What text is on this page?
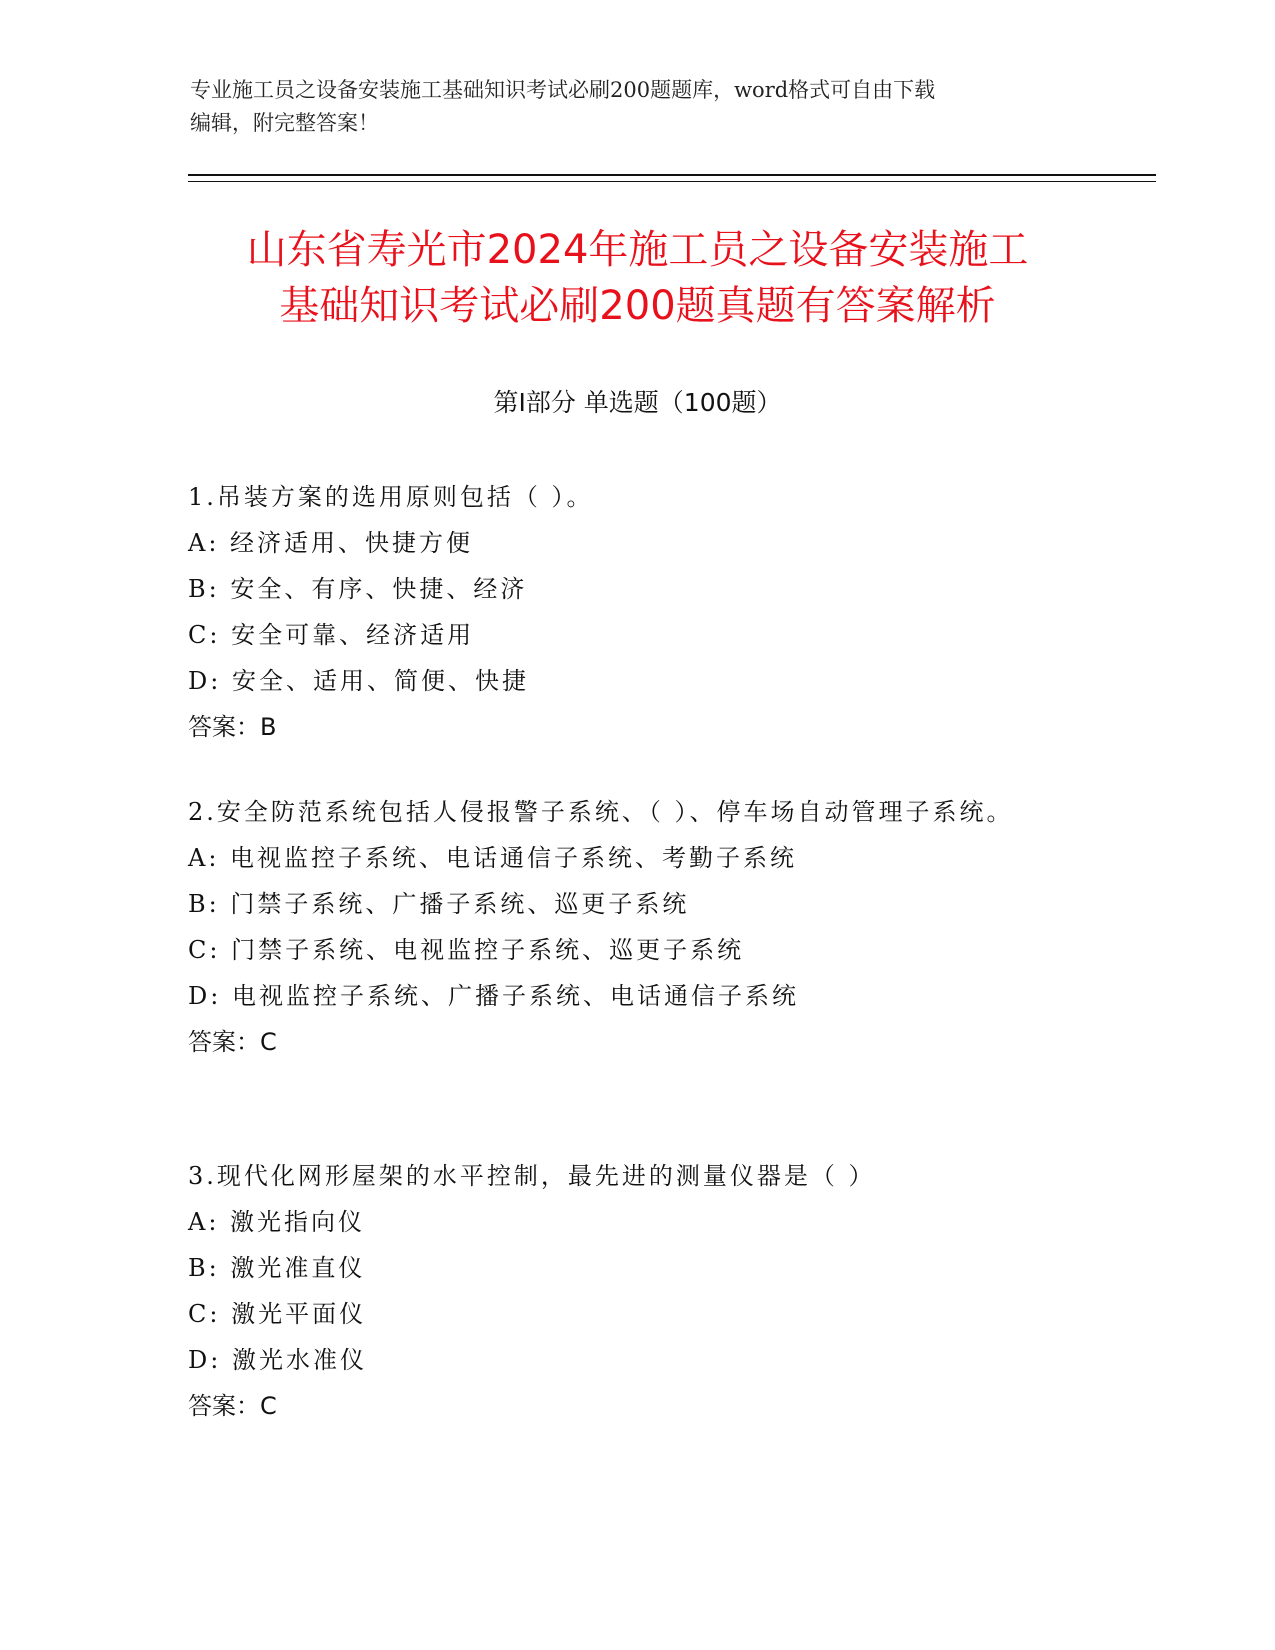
专业施工员之设备安装施工基础知识考试必刷200题题库，word格式可自由下载
编辑，附完整答案！
山东省寿光市2024年施工员之设备安装施工
基础知识考试必刷200题真题有答案解析
第Ⅰ部分 单选题（100题）
1.吊装方案的选用原则包括（ ）。
A: 经济适用、快捷方便
B: 安全、有序、快捷、经济
C: 安全可靠、经济适用
D: 安全、适用、简便、快捷
答案：B
2.安全防范系统包括人侵报警子系统、（ ）、停车场自动管理子系统。
A: 电视监控子系统、电话通信子系统、考勤子系统
B: 门禁子系统、广播子系统、巡更子系统
C: 门禁子系统、电视监控子系统、巡更子系统
D: 电视监控子系统、广播子系统、电话通信子系统
答案：C
3.现代化网形屋架的水平控制，最先进的测量仪器是（ ）
A: 激光指向仪
B: 激光准直仪
C: 激光平面仪
D: 激光水准仪
答案：C
